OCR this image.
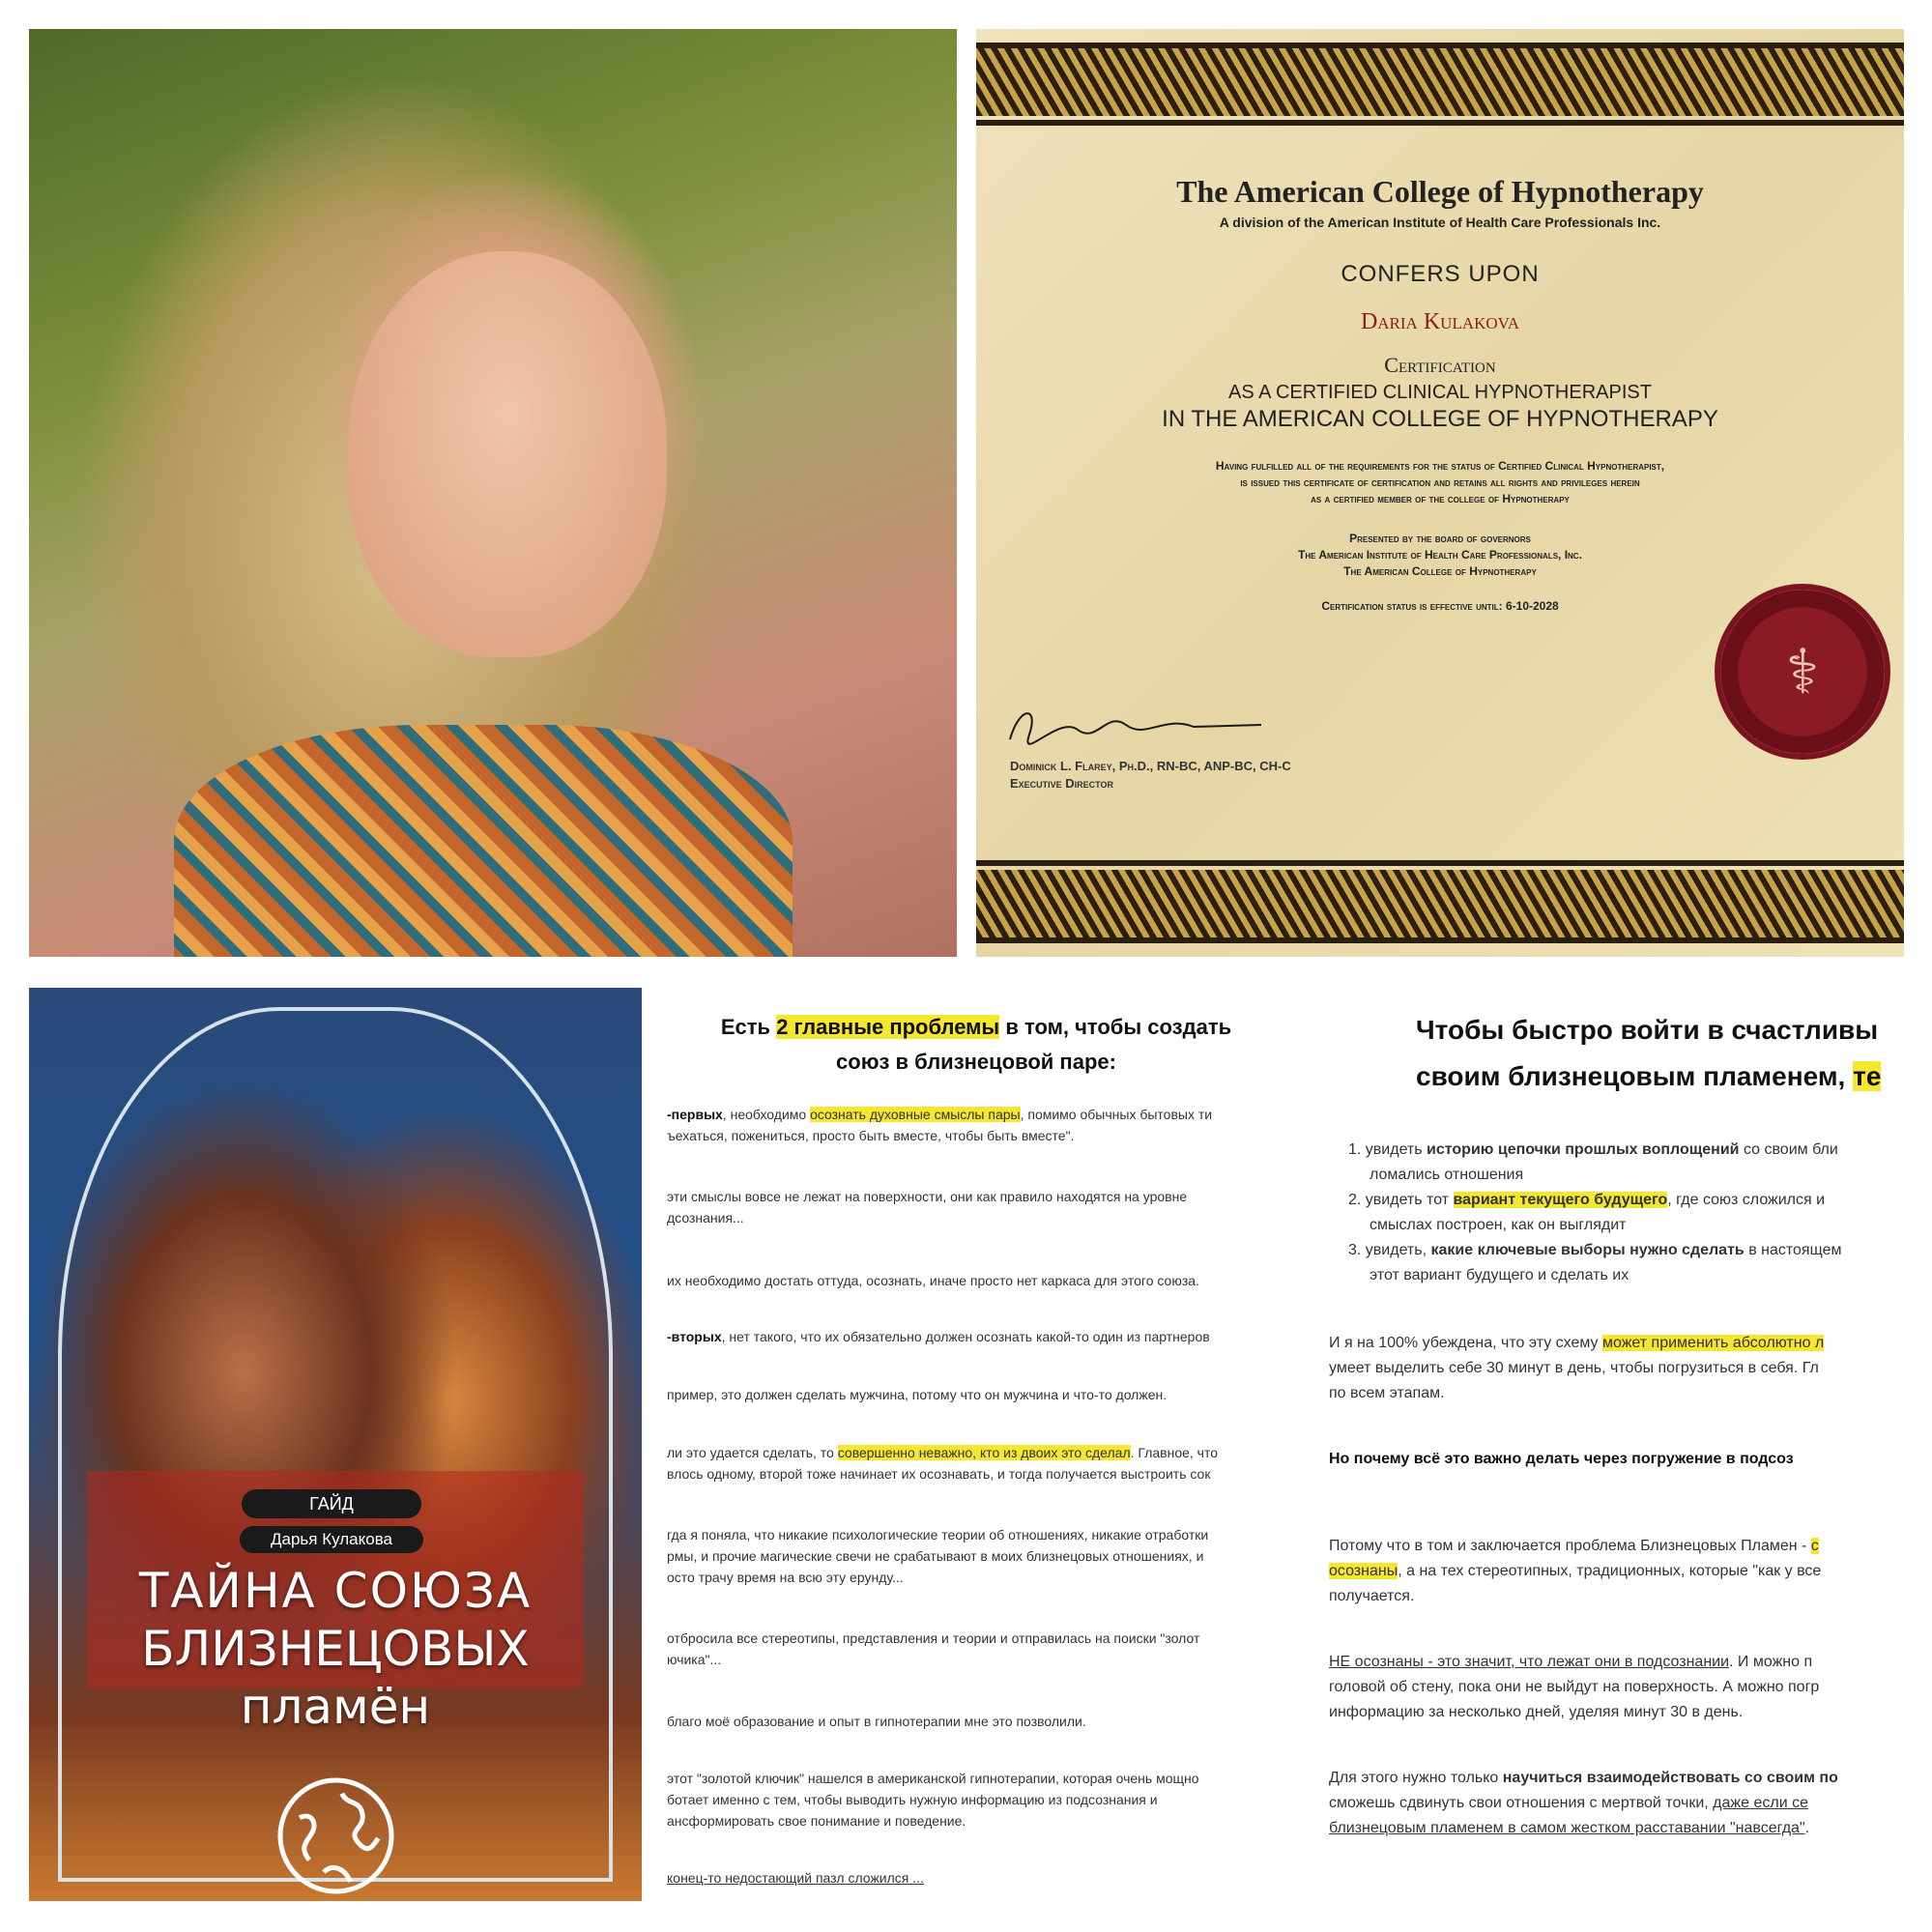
The American College of Hypnotherapy
A division of the American Institute of Health Care Professionals Inc.
CONFERS UPON
Daria Kulakova
Certification
AS A CERTIFIED CLINICAL HYPNOTHERAPIST
IN THE AMERICAN COLLEGE OF HYPNOTHERAPY
Having fulfilled all of the requirements for the status of Certified Clinical Hypnotherapist,
is issued this certificate of certification and retains all rights and privileges herein
as a certified member of the college of Hypnotherapy
Presented by the board of governors
The American Institute of Health Care Professionals, Inc.
The American College of Hypnotherapy
Certification status is effective until: 6-10-2028
⚕
Dominick L. Flarey, Ph.D., RN-BC, ANP-BC, CH-C
Executive Director
ГАЙД
Дарья Кулакова
ТАЙНА СОЮЗА
БЛИЗНЕЦОВЫХ
пламён
Есть 2 главные проблемы в том, чтобы создать
союз в близнецовой паре:
-первых, необходимо осознать духовные смыслы пары, помимо обычных бытовых ти
ъехаться, пожениться, просто быть вместе, чтобы быть вместе".
эти смыслы вовсе не лежат на поверхности, они как правило находятся на уровне
дсознания...
их необходимо достать оттуда, осознать, иначе просто нет каркаса для этого союза.
-вторых, нет такого, что их обязательно должен осознать какой-то один из партнеров
пример, это должен сделать мужчина, потому что он мужчина и что-то должен.
ли это удается сделать, то совершенно неважно, кто из двоих это сделал. Главное, что
влось одному, второй тоже начинает их осознавать, и тогда получается выстроить сок
гда я поняла, что никакие психологические теории об отношениях, никакие отработки
рмы, и прочие магические свечи не срабатывают в моих близнецовых отношениях, и
осто трачу время на всю эту ерунду...
отбросила все стереотипы, представления и теории и отправилась на поиски "золот
ючика"...
благо моё образование и опыт в гипнотерапии мне это позволили.
этот "золотой ключик" нашелся в американской гипнотерапии, которая очень мощно
ботает именно с тем, чтобы выводить нужную информацию из подсознания и
ансформировать свое понимание и поведение.
конец-то недостающий пазл сложился ...
Чтобы быстро войти в счастливы
своим близнецовым пламенем, те
1. увидеть историю цепочки прошлых воплощений со своим бли
ломались отношения
2. увидеть тот вариант текущего будущего, где союз сложился и
смыслах построен, как он выглядит
3. увидеть, какие ключевые выборы нужно сделать в настоящем
этот вариант будущего и сделать их
И я на 100% убеждена, что эту схему может применить абсолютно л
умеет выделить себе 30 минут в день, чтобы погрузиться в себя. Гл
по всем этапам.
Но почему всё это важно делать через погружение в подсоз
Потому что в том и заключается проблема Близнецовых Пламен - с
осознаны, а на тех стереотипных, традиционных, которые "как у все
получается.
НЕ осознаны - это значит, что лежат они в подсознании. И можно п
головой об стену, пока они не выйдут на поверхность. А можно погр
информацию за несколько дней, уделяя минут 30 в день.
Для этого нужно только научиться взаимодействовать со своим по
сможешь сдвинуть свои отношения с мертвой точки, даже если се
близнецовым пламенем в самом жестком расставании "навсегда".
